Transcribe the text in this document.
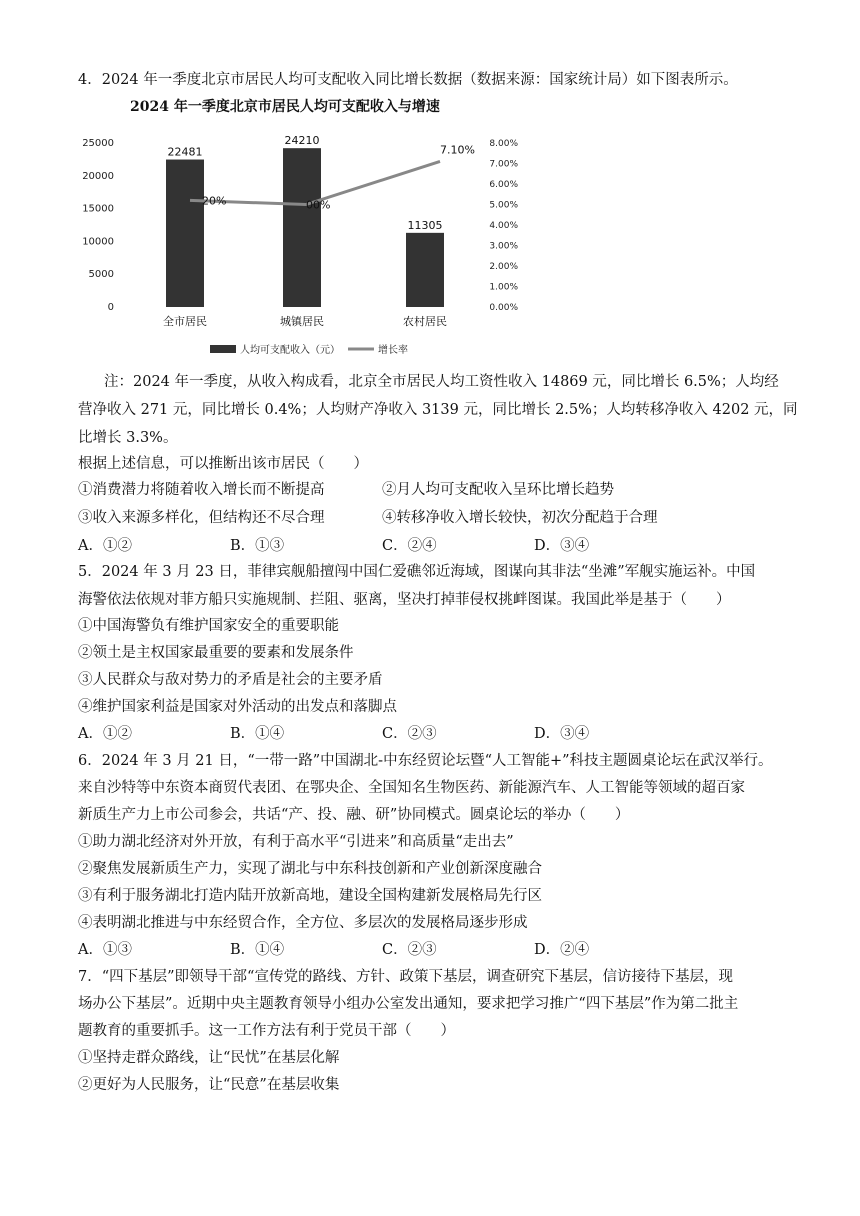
4．2024 年一季度北京市居民人均可支配收入同比增长数据（数据来源：国家统计局）如下图表所示。
2024 年一季度北京市居民人均可支配收入与增速
0
5000
10000
15000
20000
25000
0.00%
1.00%
2.00%
3.00%
4.00%
5.00%
6.00%
7.00%
8.00%
22481
24210
11305
20%	00%
7.10%
全市居民	城镇居民	农村居民
人均可支配收入（元）	增长率
注：2024 年一季度，从收入构成看，北京全市居民人均工资性收入 14869 元，同比增长 6.5%；人均经
营净收入 271 元，同比增长 0.4%；人均财产净收入 3139 元，同比增长 2.5%；人均转移净收入 4202 元，同
比增长 3.3%。
根据上述信息，可以推断出该市居民（　　）
①消费潜力将随着收入增长而不断提高	②月人均可支配收入呈环比增长趋势
③收入来源多样化，但结构还不尽合理	④转移净收入增长较快，初次分配趋于合理
A．①②	B．①③	C．②④	D．③④
5．2024 年 3 月 23 日，菲律宾舰船擅闯中国仁爱礁邻近海域，图谋向其非法“坐滩”军舰实施运补。中国
海警依法依规对菲方船只实施规制、拦阻、驱离，坚决打掉菲侵权挑衅图谋。我国此举是基于（　　）
①中国海警负有维护国家安全的重要职能
②领土是主权国家最重要的要素和发展条件
③人民群众与敌对势力的矛盾是社会的主要矛盾
④维护国家利益是国家对外活动的出发点和落脚点
A．①②	B．①④	C．②③	D．③④
6．2024 年 3 月 21 日，“一带一路”中国湖北-中东经贸论坛暨“人工智能+”科技主题圆桌论坛在武汉举行。
来自沙特等中东资本商贸代表团、在鄂央企、全国知名生物医药、新能源汽车、人工智能等领域的超百家
新质生产力上市公司参会，共话“产、投、融、研”协同模式。圆桌论坛的举办（　　）
①助力湖北经济对外开放，有利于高水平“引进来”和高质量“走出去”
②聚焦发展新质生产力，实现了湖北与中东科技创新和产业创新深度融合
③有利于服务湖北打造内陆开放新高地，建设全国构建新发展格局先行区
④表明湖北推进与中东经贸合作，全方位、多层次的发展格局逐步形成
A．①③	B．①④	C．②③	D．②④
7．“四下基层”即领导干部“宣传党的路线、方针、政策下基层，调查研究下基层，信访接待下基层，现
场办公下基层”。近期中央主题教育领导小组办公室发出通知，要求把学习推广“四下基层”作为第二批主
题教育的重要抓手。这一工作方法有利于党员干部（　　）
①坚持走群众路线，让“民忧”在基层化解
②更好为人民服务，让“民意”在基层收集
